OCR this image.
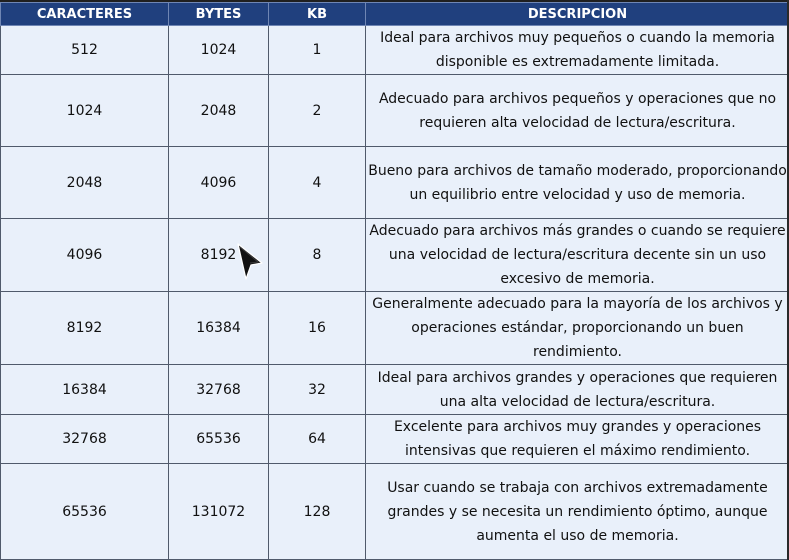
CARACTERES	BYTES	KB	DESCRIPCION
512	1024	1	Ideal para archivos muy pequeños o cuando la memoria disponible es extremadamente limitada.
1024	2048	2	Adecuado para archivos pequeños y operaciones que no requieren alta velocidad de lectura/escritura.
2048	4096	4	Bueno para archivos de tamaño moderado, proporcionando un equilibrio entre velocidad y uso de memoria.
4096	8192	8	Adecuado para archivos más grandes o cuando se requiere una velocidad de lectura/escritura decente sin un uso excesivo de memoria.
8192	16384	16	Generalmente adecuado para la mayoría de los archivos y operaciones estándar, proporcionando un buen rendimiento.
16384	32768	32	Ideal para archivos grandes y operaciones que requieren una alta velocidad de lectura/escritura.
32768	65536	64	Excelente para archivos muy grandes y operaciones intensivas que requieren el máximo rendimiento.
65536	131072	128	Usar cuando se trabaja con archivos extremadamente grandes y se necesita un rendimiento óptimo, aunque aumenta el uso de memoria.
